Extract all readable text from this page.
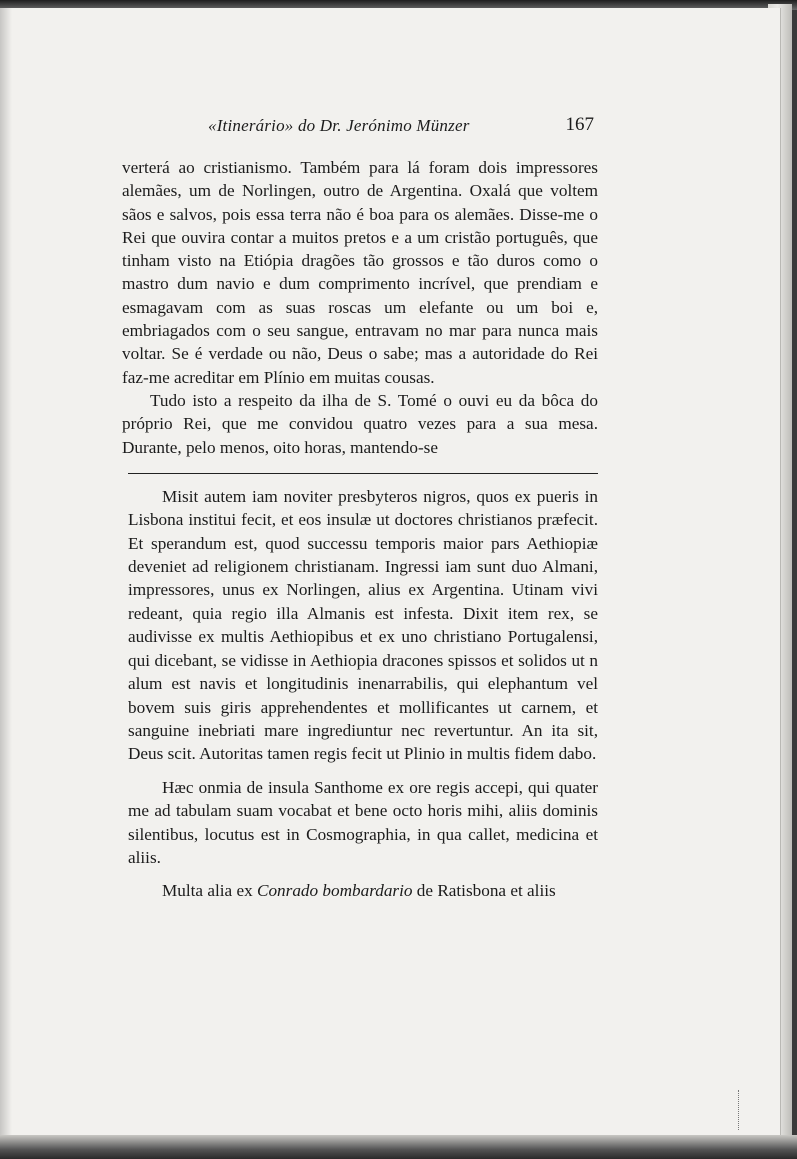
«Itinerário» do Dr. Jerónimo Münzer	167

verterá ao cristianismo. Também para lá foram dois impressores alemães, um de Norlingen, outro de Argentina. Oxalá que voltem sãos e salvos, pois essa terra não é boa para os alemães. Disse-me o Rei que ouvira contar a muitos pretos e a um cristão português, que tinham visto na Etiópia dragões tão grossos e tão duros como o mastro dum navio e dum comprimento incrível, que prendiam e esmagavam com as suas roscas um elefante ou um boi e, embriagados com o seu sangue, entravam no mar para nunca mais voltar. Se é verdade ou não, Deus o sabe; mas a autoridade do Rei faz-me acreditar em Plínio em muitas cousas.

Tudo isto a respeito da ilha de S. Tomé o ouvi eu da bôca do próprio Rei, que me convidou quatro vezes para a sua mesa. Durante, pelo menos, oito horas, mantendo-se

Misit autem iam noviter presbyteros nigros, quos ex pueris in Lisbona institui fecit, et eos insulæ ut doctores christianos præfecit. Et sperandum est, quod successu temporis maior pars Aethiopiæ deveniet ad religionem christianam. Ingressi iam sunt duo Almani, impressores, unus ex Norlingen, alius ex Argentina. Utinam vivi redeant, quia regio illa Almanis est infesta. Dixit item rex, se audivisse ex multis Aethiopibus et ex uno christiano Portugalensi, qui dicebant, se vidisse in Aethiopia dracones spissos et solidos ut n alum est navis et longitudinis inenarrabilis, qui elephantum vel bovem suis giris apprehendentes et mollificantes ut carnem, et sanguine inebriati mare ingrediuntur nec revertuntur. An ita sit, Deus scit. Autoritas tamen regis fecit ut Plinio in multis fidem dabo.

Hæc onmia de insula Santhome ex ore regis accepi, qui quater me ad tabulam suam vocabat et bene octo horis mihi, aliis dominis silentibus, locutus est in Cosmographia, in qua callet, medicina et aliis.

Multa alia ex Conrado bombardario de Ratisbona et aliis
